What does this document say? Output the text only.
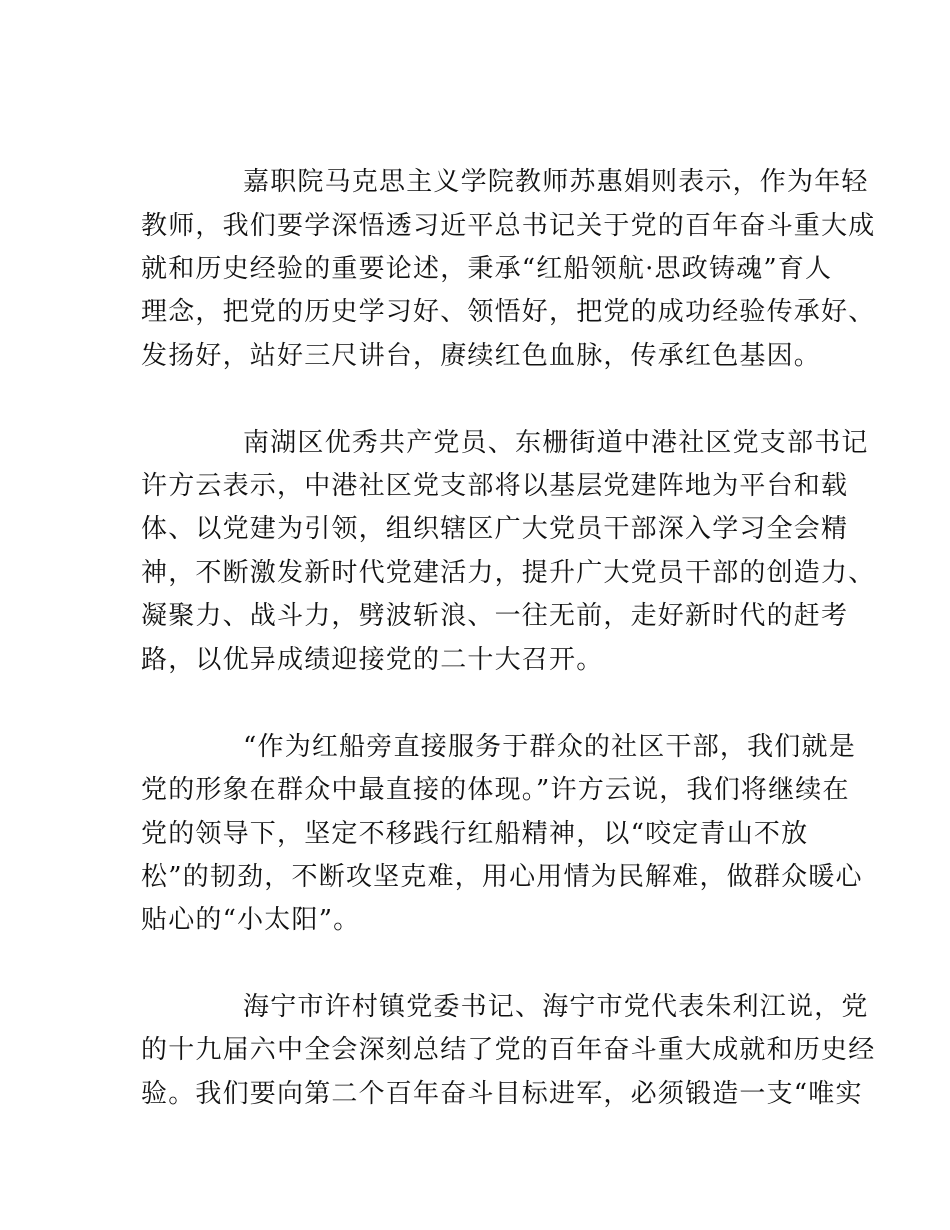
嘉职院马克思主义学院教师苏惠娟则表示，作为年轻
教师，我们要学深悟透习近平总书记关于党的百年奋斗重大成
就和历史经验的重要论述，秉承“红船领航·思政铸魂”育人
理念，把党的历史学习好、领悟好，把党的成功经验传承好、
发扬好，站好三尺讲台，赓续红色血脉，传承红色基因。
南湖区优秀共产党员、东栅街道中港社区党支部书记
许方云表示，中港社区党支部将以基层党建阵地为平台和载
体、以党建为引领，组织辖区广大党员干部深入学习全会精
神，不断激发新时代党建活力，提升广大党员干部的创造力、
凝聚力、战斗力，劈波斩浪、一往无前，走好新时代的赶考
路，以优异成绩迎接党的二十大召开。
“作为红船旁直接服务于群众的社区干部，我们就是
党的形象在群众中最直接的体现。”许方云说，我们将继续在
党的领导下，坚定不移践行红船精神，以“咬定青山不放
松”的韧劲，不断攻坚克难，用心用情为民解难，做群众暖心
贴心的“小太阳”。
海宁市许村镇党委书记、海宁市党代表朱利江说，党
的十九届六中全会深刻总结了党的百年奋斗重大成就和历史经
验。我们要向第二个百年奋斗目标进军，必须锻造一支“唯实
